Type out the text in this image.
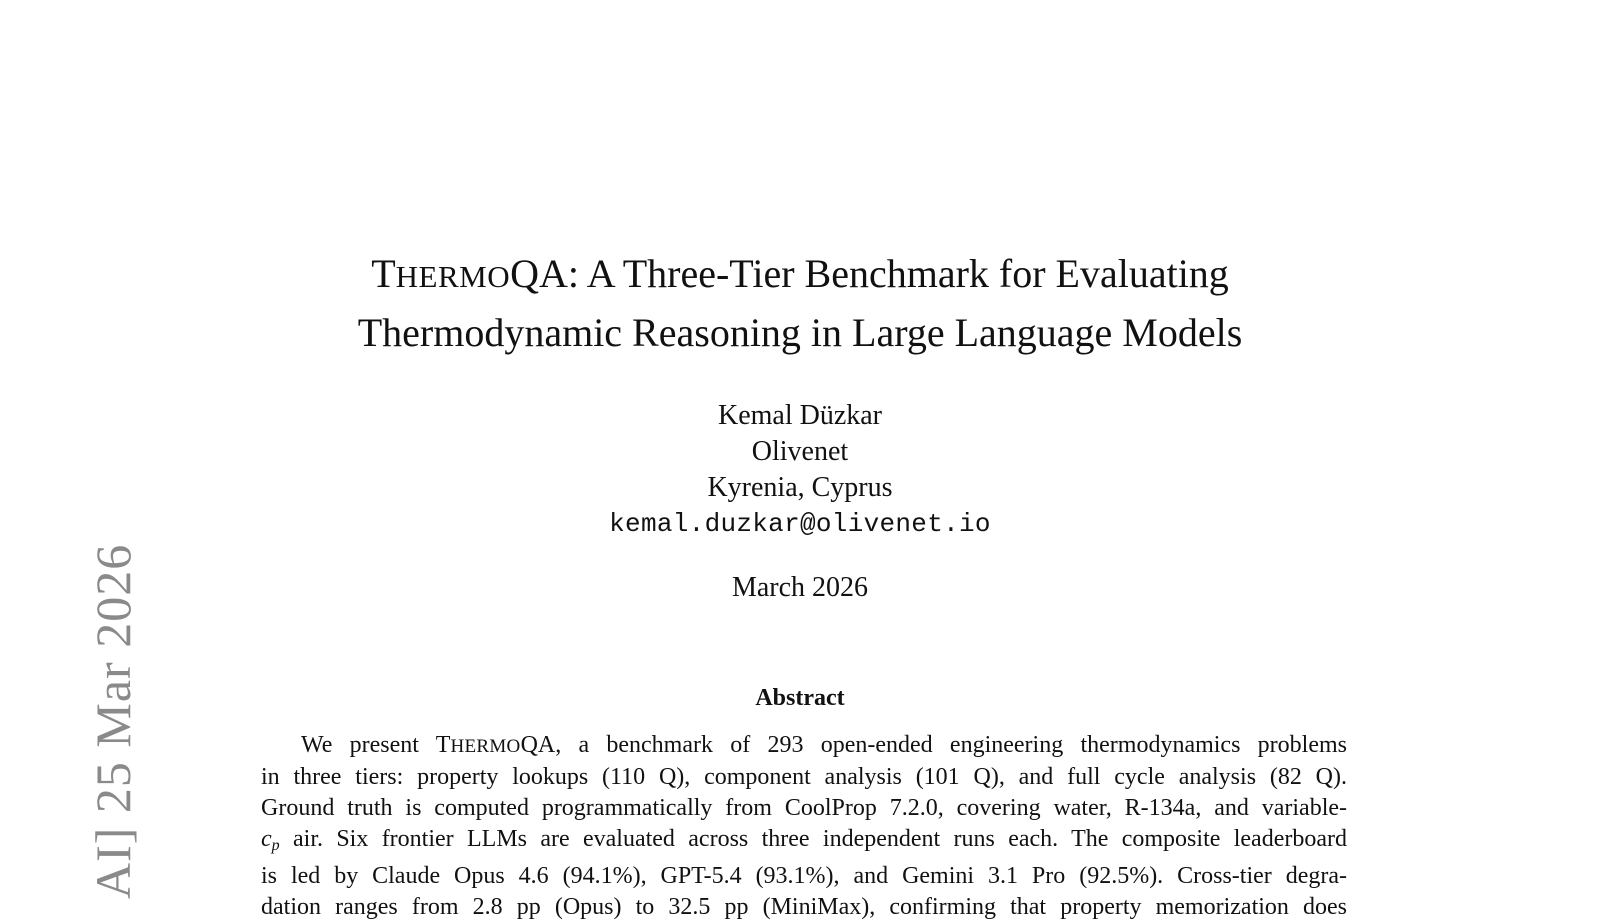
AI] 25 Mar 2026
THERMOQA: A Three-Tier Benchmark for Evaluating
Thermodynamic Reasoning in Large Language Models
Kemal Düzkar
Olivenet
Kyrenia, Cyprus
kemal.duzkar@olivenet.io
March 2026
Abstract
We present THERMOQA, a benchmark of 293 open-ended engineering thermodynamics problems
in three tiers: property lookups (110 Q), component analysis (101 Q), and full cycle analysis (82 Q).
Ground truth is computed programmatically from CoolProp 7.2.0, covering water, R-134a, and variable-
cp air. Six frontier LLMs are evaluated across three independent runs each. The composite leaderboard
is led by Claude Opus 4.6 (94.1%), GPT-5.4 (93.1%), and Gemini 3.1 Pro (92.5%). Cross-tier degra-
dation ranges from 2.8 pp (Opus) to 32.5 pp (MiniMax), confirming that property memorization does
